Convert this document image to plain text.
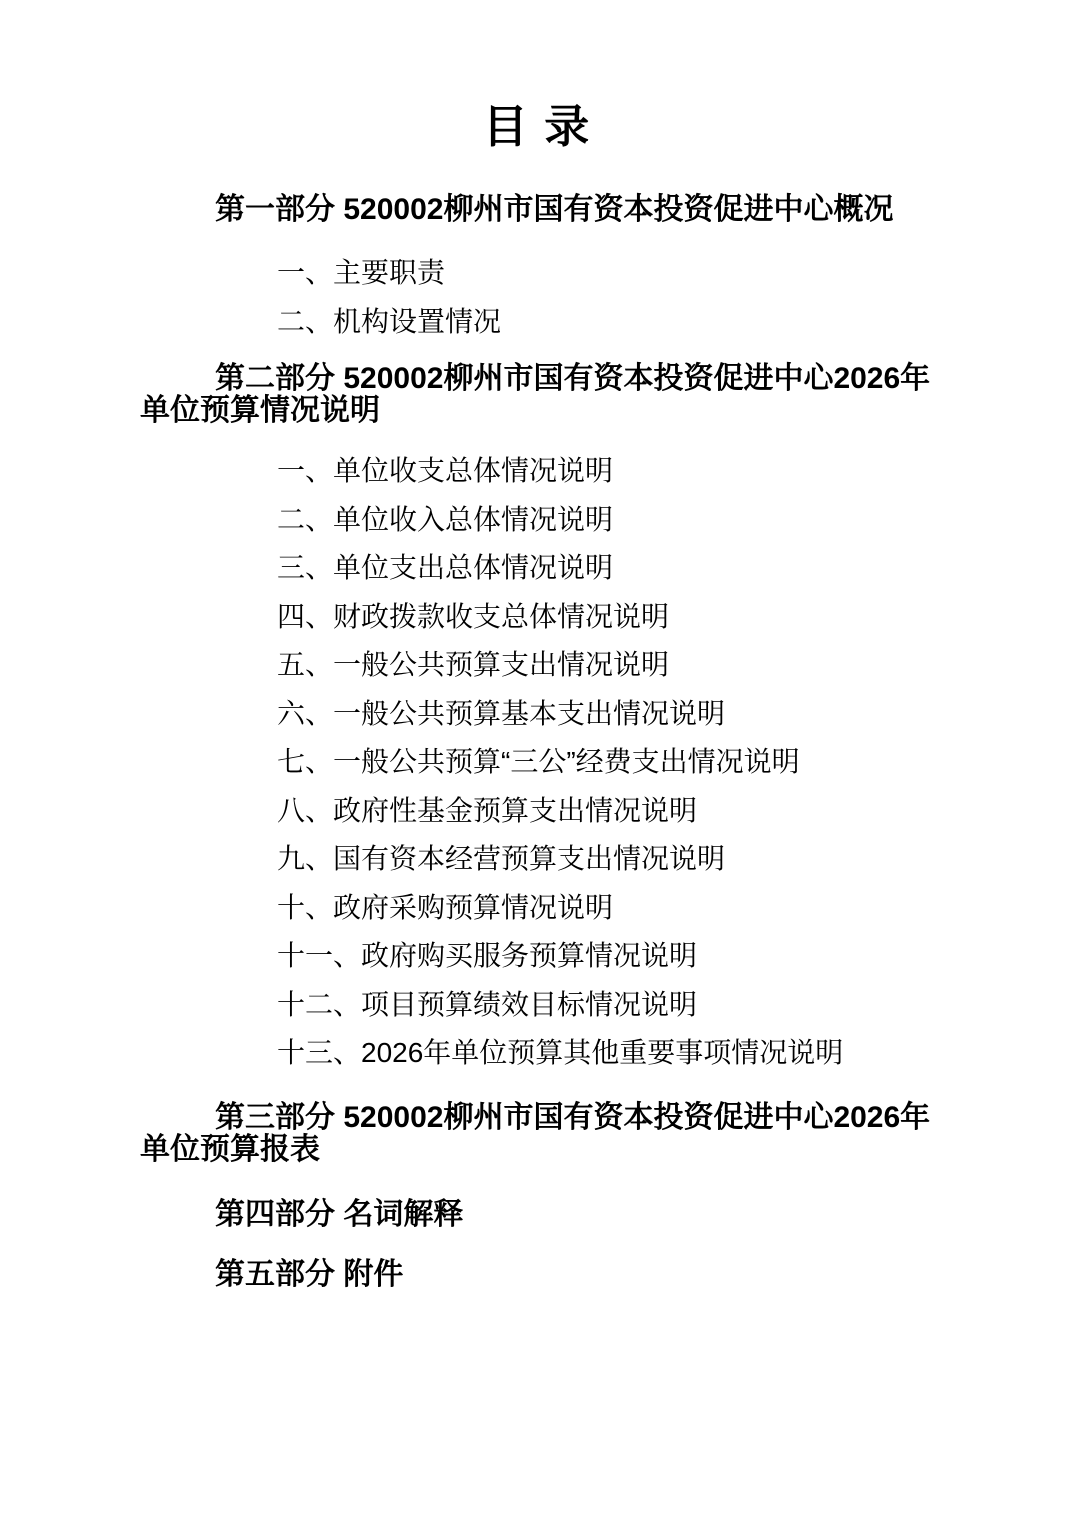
目 录
第一部分 520002柳州市国有资本投资促进中心概况
一、主要职责
二、机构设置情况
第二部分 520002柳州市国有资本投资促进中心2026年单位预算情况说明
一、单位收支总体情况说明
二、单位收入总体情况说明
三、单位支出总体情况说明
四、财政拨款收支总体情况说明
五、一般公共预算支出情况说明
六、一般公共预算基本支出情况说明
七、一般公共预算“三公”经费支出情况说明
八、政府性基金预算支出情况说明
九、国有资本经营预算支出情况说明
十、政府采购预算情况说明
十一、政府购买服务预算情况说明
十二、项目预算绩效目标情况说明
十三、2026年单位预算其他重要事项情况说明
第三部分 520002柳州市国有资本投资促进中心2026年单位预算报表
第四部分 名词解释
第五部分 附件
